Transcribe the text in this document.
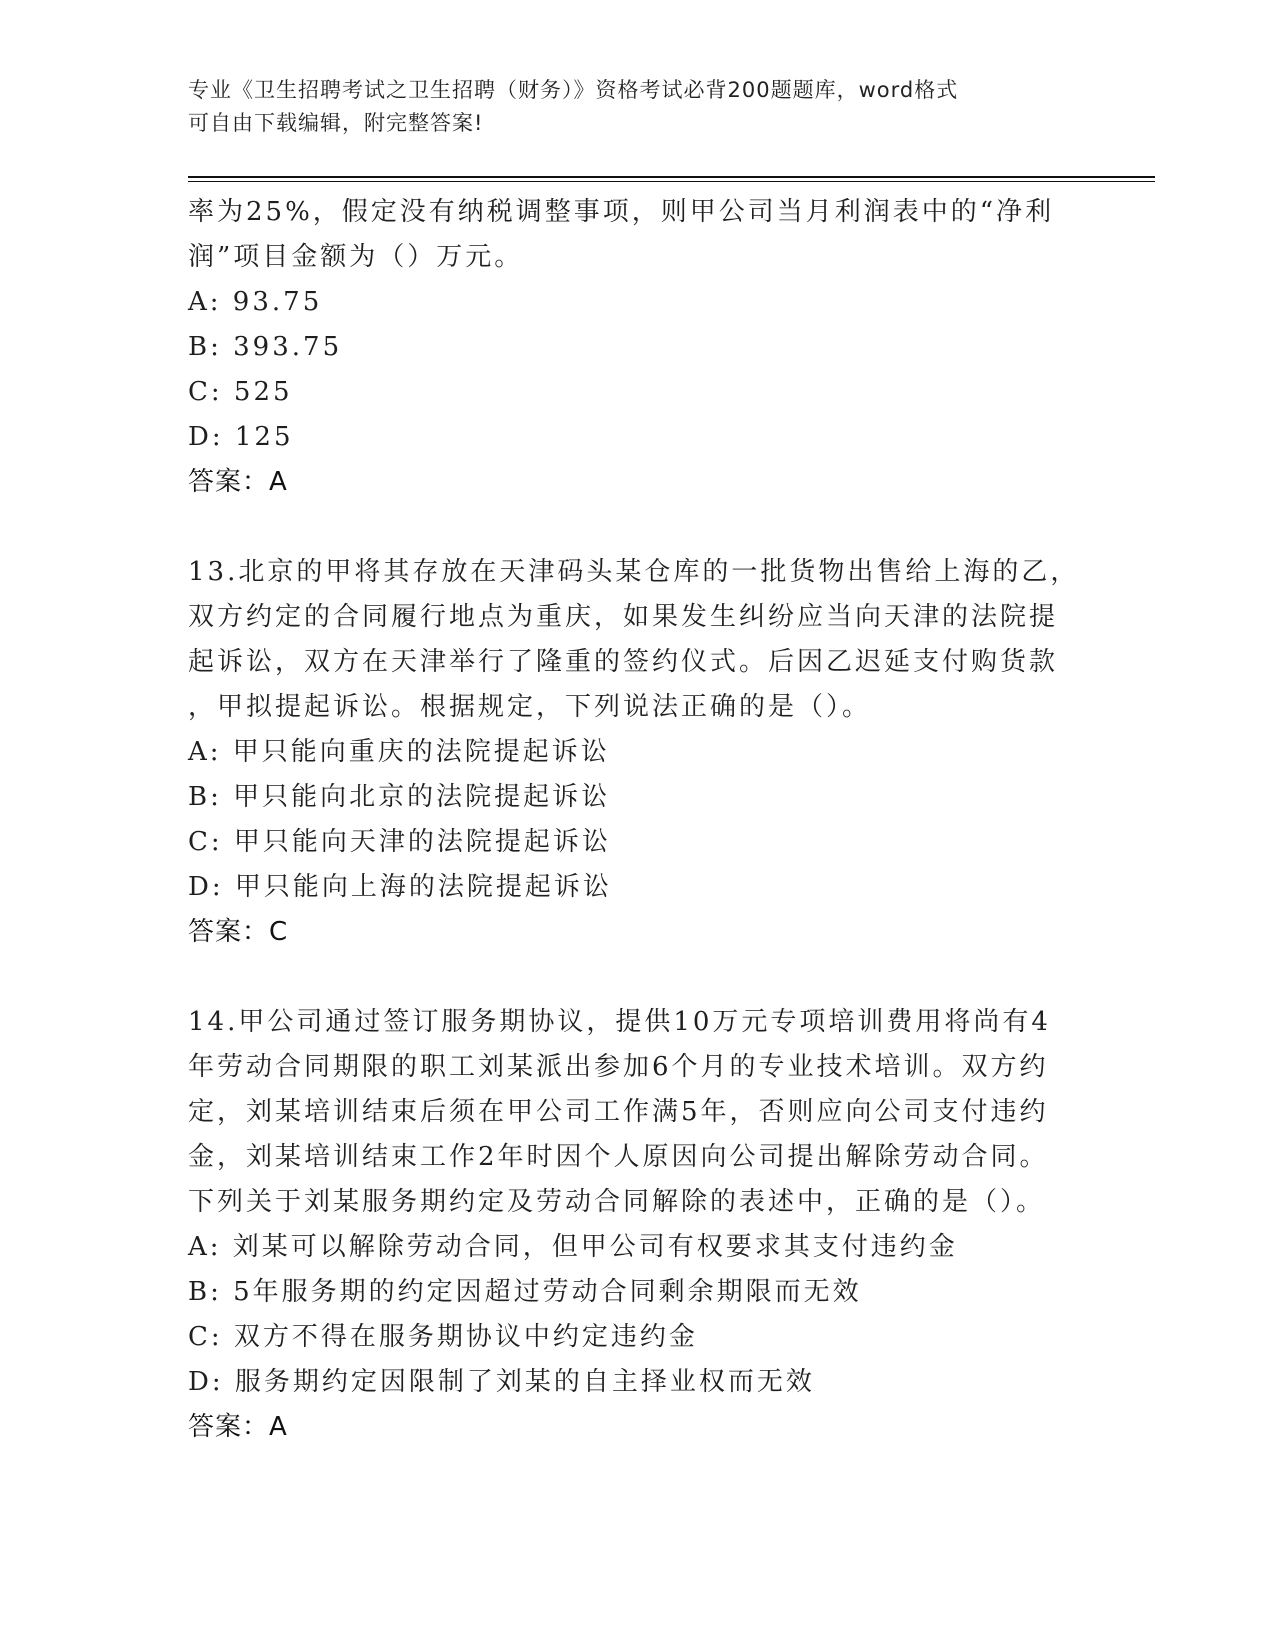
专业《卫生招聘考试之卫生招聘（财务）》资格考试必背200题题库，word格式
可自由下载编辑，附完整答案!
率为25%，假定没有纳税调整事项，则甲公司当月利润表中的“净利
润”项目金额为（）万元。
A: 93.75
B: 393.75
C: 525
D: 125
答案：A
13.北京的甲将其存放在天津码头某仓库的一批货物出售给上海的乙，
双方约定的合同履行地点为重庆，如果发生纠纷应当向天津的法院提
起诉讼，双方在天津举行了隆重的签约仪式。后因乙迟延支付购货款
，甲拟提起诉讼。根据规定，下列说法正确的是（）。
A: 甲只能向重庆的法院提起诉讼
B: 甲只能向北京的法院提起诉讼
C: 甲只能向天津的法院提起诉讼
D: 甲只能向上海的法院提起诉讼
答案：C
14.甲公司通过签订服务期协议，提供10万元专项培训费用将尚有4
年劳动合同期限的职工刘某派出参加6个月的专业技术培训。双方约
定，刘某培训结束后须在甲公司工作满5年，否则应向公司支付违约
金，刘某培训结束工作2年时因个人原因向公司提出解除劳动合同。
下列关于刘某服务期约定及劳动合同解除的表述中，正确的是（）。
A: 刘某可以解除劳动合同，但甲公司有权要求其支付违约金
B: 5年服务期的约定因超过劳动合同剩余期限而无效
C: 双方不得在服务期协议中约定违约金
D: 服务期约定因限制了刘某的自主择业权而无效
答案：A
